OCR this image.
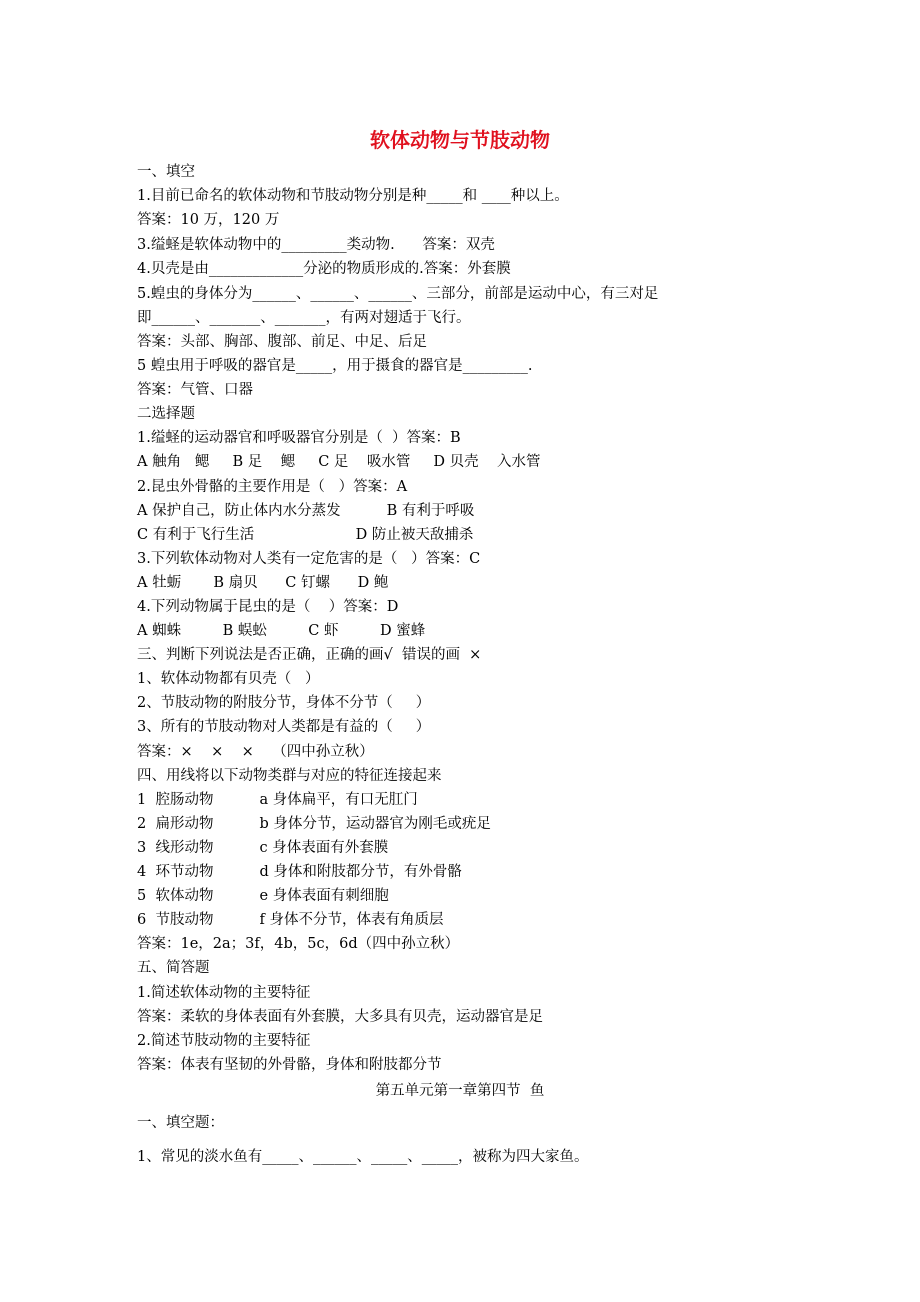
软体动物与节肢动物
一、填空
1.目前已命名的软体动物和节肢动物分别是种_____和 ____种以上。
答案：10 万，120 万
3.缢蛏是软体动物中的_________类动物.      答案：双壳
4.贝壳是由_____________分泌的物质形成的.答案：外套膜
5.蝗虫的身体分为______、______、______、三部分，前部是运动中心，有三对足
即______、_______、_______，有两对翅适于飞行。
答案：头部、胸部、腹部、前足、中足、后足
5 蝗虫用于呼吸的器官是_____，用于摄食的器官是_________.
答案：气管、口器
二选择题
1.缢蛏的运动器官和呼吸器官分别是（  ）答案：B
A 触角   鳃     B 足    鳃     C 足    吸水管     D 贝壳    入水管
2.昆虫外骨骼的主要作用是（   ）答案：A
A 保护自己，防止体内水分蒸发          B 有利于呼吸
C 有利于飞行生活                      D 防止被天敌捕杀
3.下列软体动物对人类有一定危害的是（   ）答案：C
A 牡蛎       B 扇贝      C 钉螺      D 鲍
4.下列动物属于昆虫的是（    ）答案：D
A 蜘蛛         B 蜈蚣         C 虾         D 蜜蜂
三、判断下列说法是否正确，正确的画√  错误的画  ×
1、软体动物都有贝壳（   ）
2、节肢动物的附肢分节，身体不分节（     ）
3、所有的节肢动物对人类都是有益的（     ）
答案：×    ×    ×    （四中孙立秋）
四、用线将以下动物类群与对应的特征连接起来
1  腔肠动物          a 身体扁平，有口无肛门
2  扁形动物          b 身体分节，运动器官为刚毛或疣足
3  线形动物          c 身体表面有外套膜
4  环节动物          d 身体和附肢都分节，有外骨骼
5  软体动物          e 身体表面有刺细胞
6  节肢动物          f 身体不分节，体表有角质层
答案：1e，2a；3f，4b，5c，6d（四中孙立秋）
五、简答题
1.简述软体动物的主要特征
答案：柔软的身体表面有外套膜，大多具有贝壳，运动器官是足
2.简述节肢动物的主要特征
答案：体表有坚韧的外骨骼，身体和附肢都分节
第五单元第一章第四节  鱼
一、填空题：
1、常见的淡水鱼有_____、______、_____、_____，被称为四大家鱼。
